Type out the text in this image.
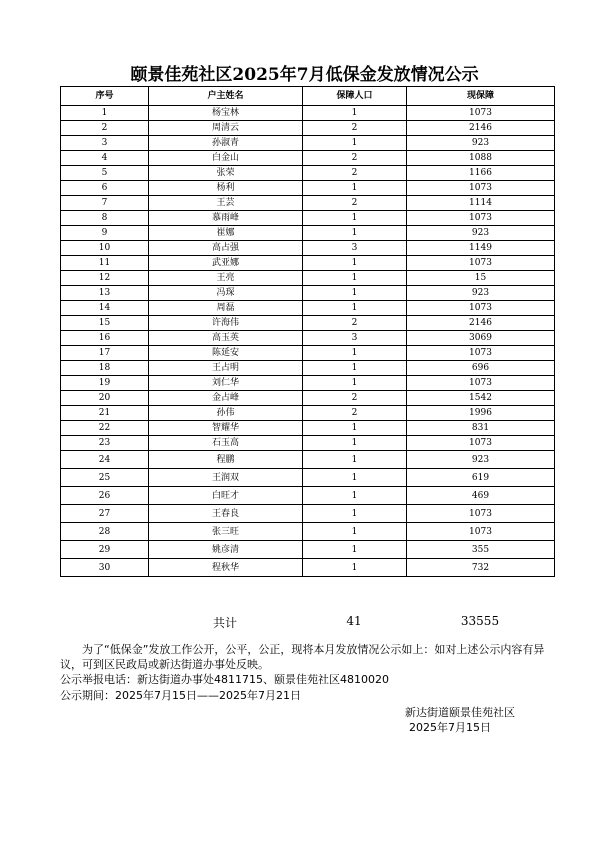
颐景佳苑社区2025年7月低保金发放情况公示
序号	户主姓名	保障人口	现保障
1	杨宝林	1	1073
2	周清云	2	2146
3	孙淑青	1	923
4	白金山	2	1088
5	张荣	2	1166
6	杨利	1	1073
7	王芸	2	1114
8	慕雨峰	1	1073
9	崔娜	1	923
10	高占强	3	1149
11	武亚娜	1	1073
12	王亮	1	15
13	冯琛	1	923
14	周磊	1	1073
15	许海伟	2	2146
16	高玉英	3	3069
17	陈延安	1	1073
18	王占明	1	696
19	刘仁华	1	1073
20	金占峰	2	1542
21	孙伟	2	1996
22	智耀华	1	831
23	石玉高	1	1073
24	程鹏	1	923
25	王润双	1	619
26	白旺才	1	469
27	王春良	1	1073
28	张三旺	1	1073
29	姚彦清	1	355
30	程秋华	1	732
共计	41	33555
为了“低保金”发放工作公开，公平，公正，现将本月发放情况公示如上：如对上述公示内容有异议，可到区民政局或新达街道办事处反映。
公示举报电话：新达街道办事处4811715、颐景佳苑社区4810020
公示期间：2025年7月15日——2025年7月21日
新达街道颐景佳苑社区
2025年7月15日
